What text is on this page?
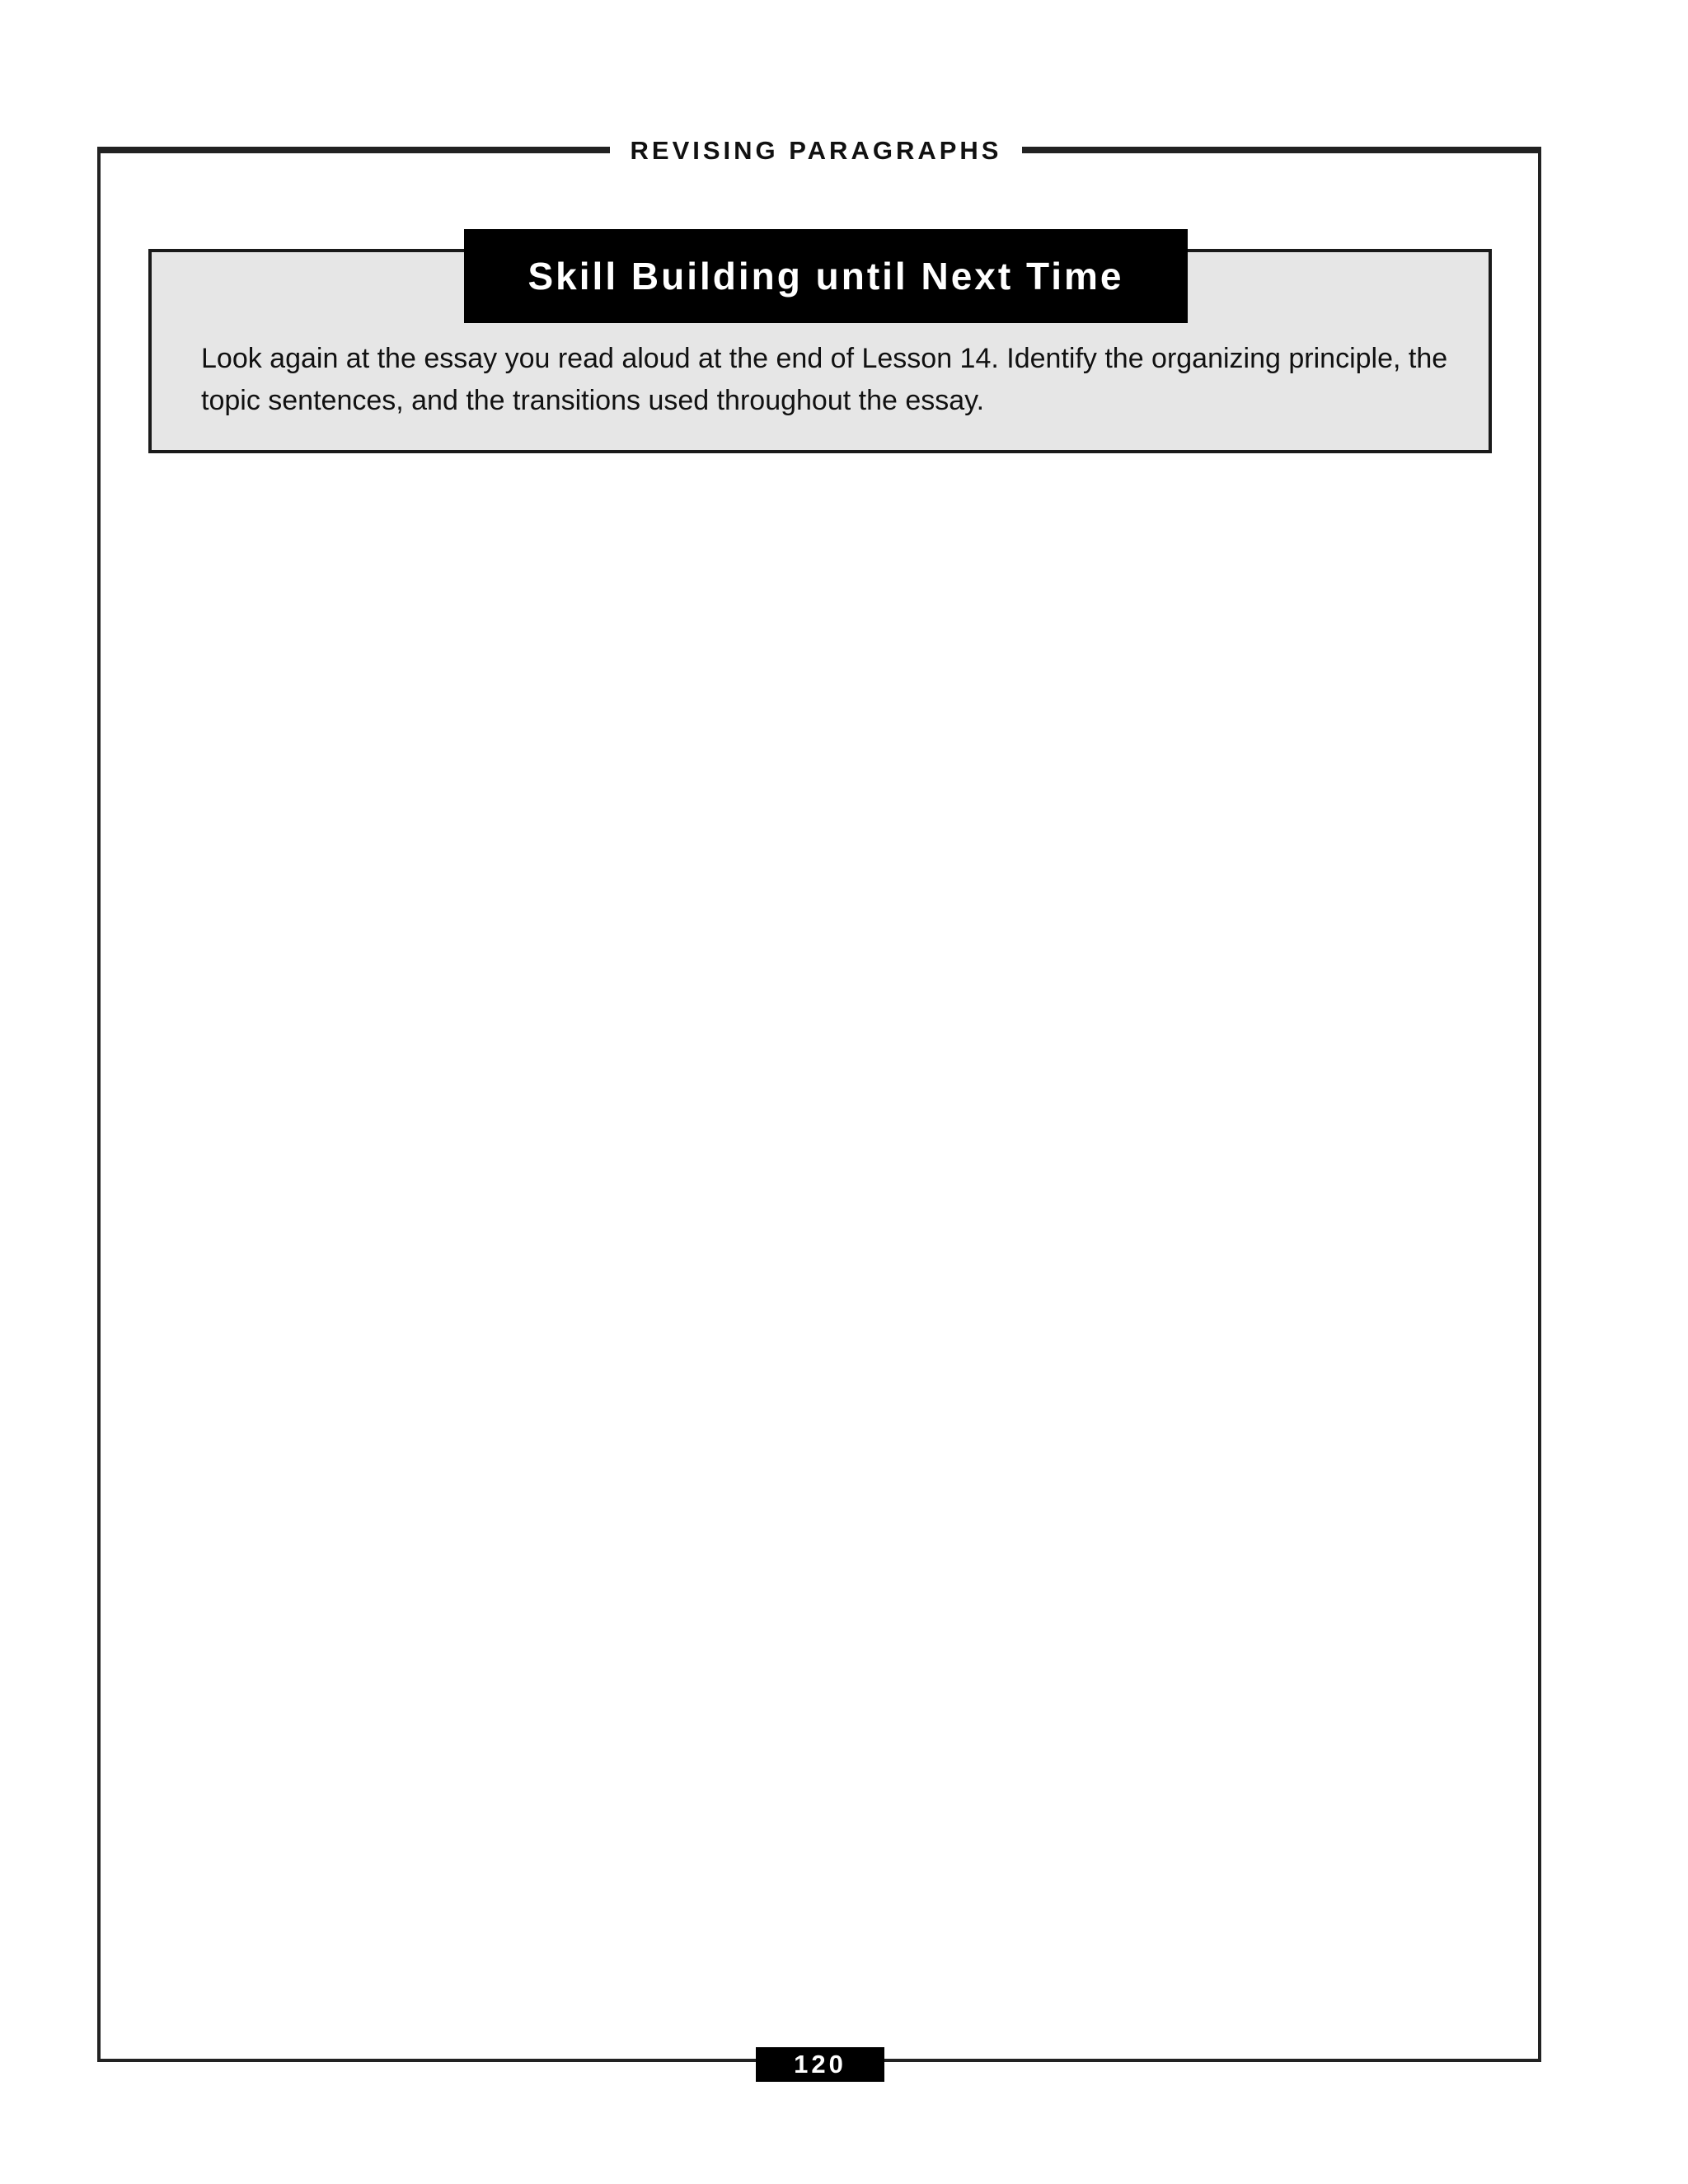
REVISING PARAGRAPHS
Skill Building until Next Time
Look again at the essay you read aloud at the end of Lesson 14. Identify the organizing principle, the topic sentences, and the transitions used throughout the essay.
120
